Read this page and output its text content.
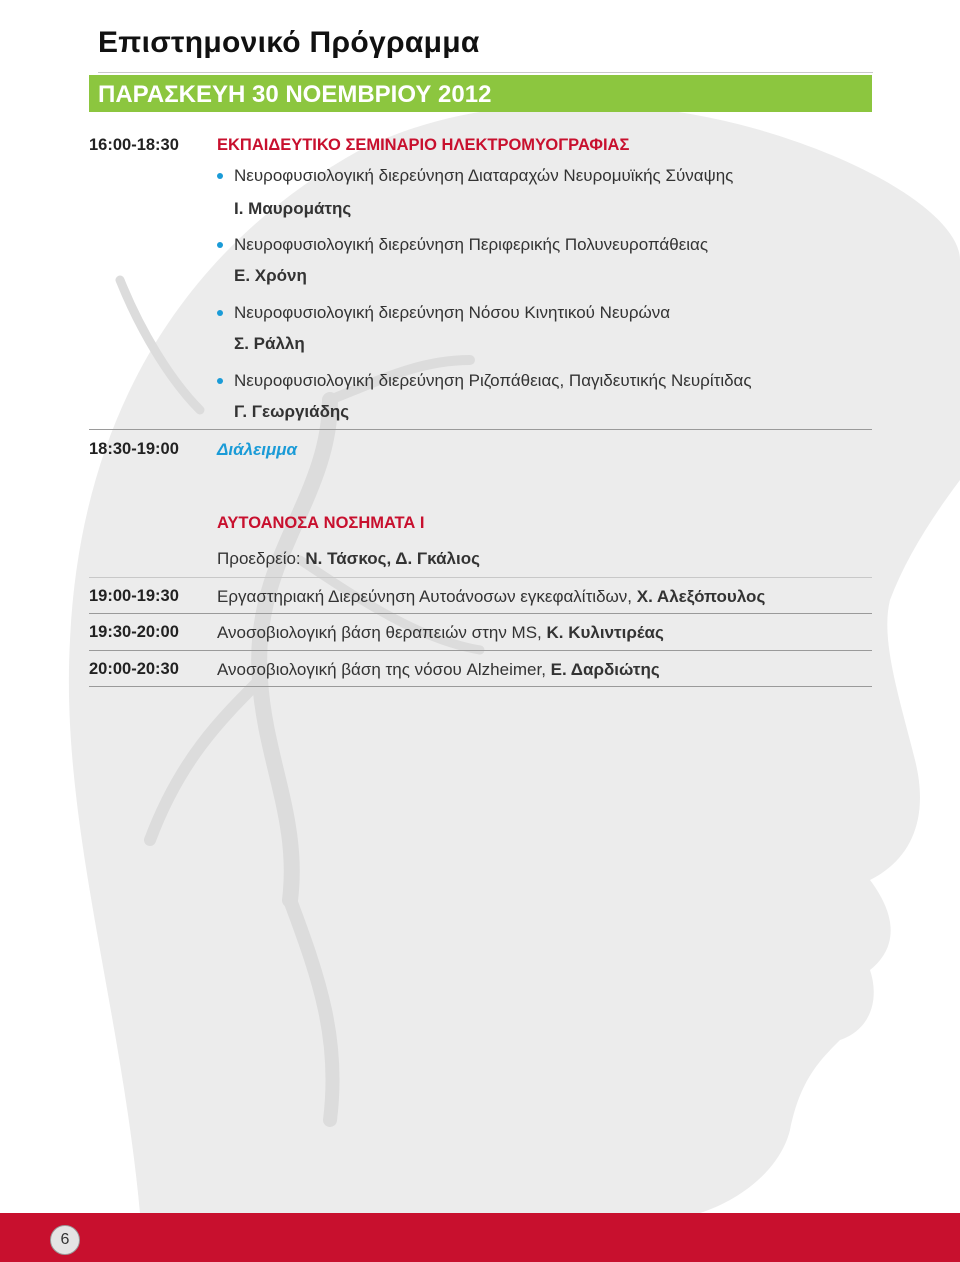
Επιστημονικό Πρόγραμμα
ΠΑΡΑΣΚΕΥΗ 30 ΝΟΕΜΒΡΙΟΥ 2012
16:00-18:30 ΕΚΠΑΙΔΕΥΤΙΚΟ ΣΕΜΙΝΑΡΙΟ ΗΛΕΚΤΡΟΜΥΟΓΡΑΦΙΑΣ
Νευροφυσιολογική διερεύνηση Διαταραχών Νευρομυϊκής Σύναψης
Ι. Μαυρομάτης
Νευροφυσιολογική διερεύνηση Περιφερικής Πολυνευροπάθειας
Ε. Χρόνη
Νευροφυσιολογική διερεύνηση Νόσου Κινητικού Νευρώνα
Σ. Ράλλη
Νευροφυσιολογική διερεύνηση Ριζοπάθειας, Παγιδευτικής Νευρίτιδας
Γ. Γεωργιάδης
18:30-19:00 Διάλειμμα
ΑΥΤΟΑΝΟΣΑ ΝΟΣΗΜΑΤΑ Ι
Προεδρείο: Ν. Τάσκος, Δ. Γκάλιος
19:00-19:30 Εργαστηριακή Διερεύνηση Αυτοάνοσων εγκεφαλίτιδων, Χ. Αλεξόπουλος
19:30-20:00 Ανοσοβιολογική βάση θεραπειών στην MS, Κ. Κυλιντιρέας
20:00-20:30 Ανοσοβιολογική βάση της νόσου Alzheimer, Ε. Δαρδιώτης
6
